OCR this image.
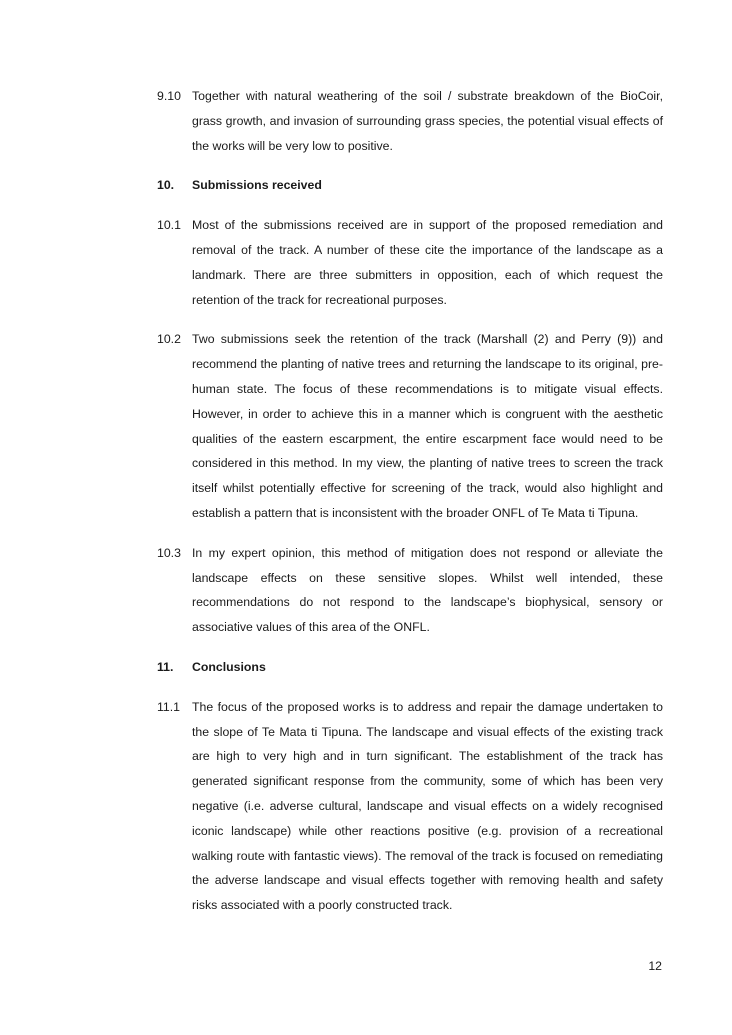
9.10 Together with natural weathering of the soil / substrate breakdown of the BioCoir, grass growth, and invasion of surrounding grass species, the potential visual effects of the works will be very low to positive.
10.	Submissions received
10.1 Most of the submissions received are in support of the proposed remediation and removal of the track. A number of these cite the importance of the landscape as a landmark. There are three submitters in opposition, each of which request the retention of the track for recreational purposes.
10.2 Two submissions seek the retention of the track (Marshall (2) and Perry (9)) and recommend the planting of native trees and returning the landscape to its original, pre-human state. The focus of these recommendations is to mitigate visual effects. However, in order to achieve this in a manner which is congruent with the aesthetic qualities of the eastern escarpment, the entire escarpment face would need to be considered in this method. In my view, the planting of native trees to screen the track itself whilst potentially effective for screening of the track, would also highlight and establish a pattern that is inconsistent with the broader ONFL of Te Mata ti Tipuna.
10.3 In my expert opinion, this method of mitigation does not respond or alleviate the landscape effects on these sensitive slopes. Whilst well intended, these recommendations do not respond to the landscape’s biophysical, sensory or associative values of this area of the ONFL.
11.	Conclusions
11.1 The focus of the proposed works is to address and repair the damage undertaken to the slope of Te Mata ti Tipuna. The landscape and visual effects of the existing track are high to very high and in turn significant. The establishment of the track has generated significant response from the community, some of which has been very negative (i.e. adverse cultural, landscape and visual effects on a widely recognised iconic landscape) while other reactions positive (e.g. provision of a recreational walking route with fantastic views). The removal of the track is focused on remediating the adverse landscape and visual effects together with removing health and safety risks associated with a poorly constructed track.
12
